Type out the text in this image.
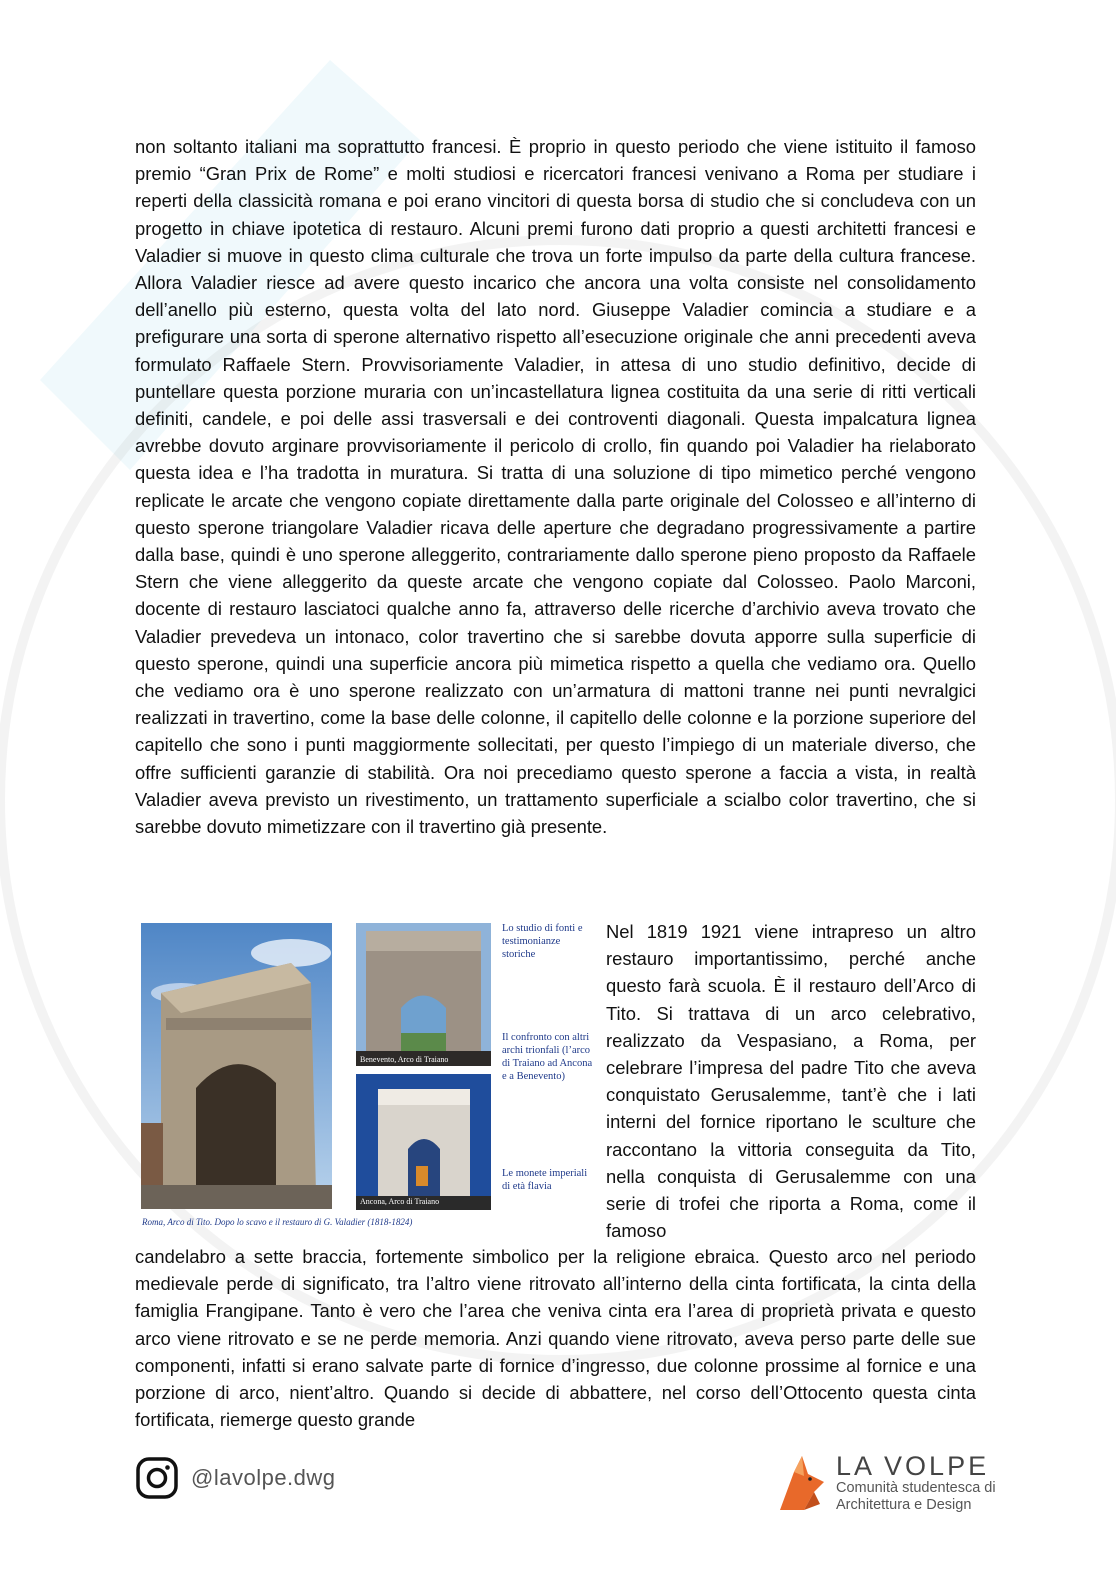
non soltanto italiani ma soprattutto francesi. È proprio in questo periodo che viene istituito il famoso premio “Gran Prix de Rome” e molti studiosi e ricercatori francesi venivano a Roma per studiare i reperti della classicità romana e poi erano vincitori di questa borsa di studio che si concludeva con un progetto in chiave ipotetica di restauro. Alcuni premi furono dati proprio a questi architetti francesi e Valadier si muove in questo clima culturale che trova un forte impulso da parte della cultura francese. Allora Valadier riesce ad avere questo incarico che ancora una volta consiste nel consolidamento dell’anello più esterno, questa volta del lato nord. Giuseppe Valadier comincia a studiare e a prefigurare una sorta di sperone alternativo rispetto all’esecuzione originale che anni precedenti aveva formulato Raffaele Stern. Provvisoriamente Valadier, in attesa di uno studio definitivo, decide di puntellare questa porzione muraria con un’incastellatura lignea costituita da una serie di ritti verticali definiti, candele, e poi delle assi trasversali e dei controventi diagonali. Questa impalcatura lignea avrebbe dovuto arginare provvisoriamente il pericolo di crollo, fin quando poi Valadier ha rielaborato questa idea e l’ha tradotta in muratura. Si tratta di una soluzione di tipo mimetico perché vengono replicate le arcate che vengono copiate direttamente dalla parte originale del Colosseo e all’interno di questo sperone triangolare Valadier ricava delle aperture che degradano progressivamente a partire dalla base, quindi è uno sperone alleggerito, contrariamente dallo sperone pieno proposto da Raffaele Stern che viene alleggerito da queste arcate che vengono copiate dal Colosseo. Paolo Marconi, docente di restauro lasciatoci qualche anno fa, attraverso delle ricerche d’archivio aveva trovato che Valadier prevedeva un intonaco, color travertino che si sarebbe dovuta apporre sulla superficie di questo sperone, quindi una superficie ancora più mimetica rispetto a quella che vediamo ora. Quello che vediamo ora è uno sperone realizzato con un’armatura di mattoni tranne nei punti nevralgici realizzati in travertino, come la base delle colonne, il capitello delle colonne e la porzione superiore del capitello che sono i punti maggiormente sollecitati, per questo l’impiego di un materiale diverso, che offre sufficienti garanzie di stabilità. Ora noi precediamo questo sperone a faccia a vista, in realtà Valadier aveva previsto un rivestimento, un trattamento superficiale a scialbo color travertino, che si sarebbe dovuto mimetizzare con il travertino già presente.

Benevento, Arco di Traiano
Ancona, Arco di Traiano
Lo studio di fonti e testimonianze storiche
Il confronto con altri archi trionfali (l’arco di Traiano ad Ancona e a Benevento)
Le monete imperiali di età flavia
Roma, Arco di Tito. Dopo lo scavo e il restauro di G. Valadier (1818-1824)

Nel 1819 1921 viene intrapreso un altro restauro importantissimo, perché anche questo farà scuola. È il restauro dell’Arco di Tito. Si trattava di un arco celebrativo, realizzato da Vespasiano, a Roma, per celebrare l’impresa del padre Tito che aveva conquistato Gerusalemme, tant’è che i lati interni del fornice riportano le sculture che raccontano la vittoria conseguita da Tito, nella conquista di Gerusalemme con una serie di trofei che riporta a Roma, come il famoso

candelabro a sette braccia, fortemente simbolico per la religione ebraica. Questo arco nel periodo medievale perde di significato, tra l’altro viene ritrovato all’interno della cinta fortificata, la cinta della famiglia Frangipane. Tanto è vero che l’area che veniva cinta era l’area di proprietà privata e questo arco viene ritrovato e se ne perde memoria. Anzi quando viene ritrovato, aveva perso parte delle sue componenti, infatti si erano salvate parte di fornice d’ingresso, due colonne prossime al fornice e una porzione di arco, nient’altro. Quando si decide di abbattere, nel corso dell’Ottocento questa cinta fortificata, riemerge questo grande

@lavolpe.dwg	LA VOLPE
Comunità studentesca di
Architettura e Design
